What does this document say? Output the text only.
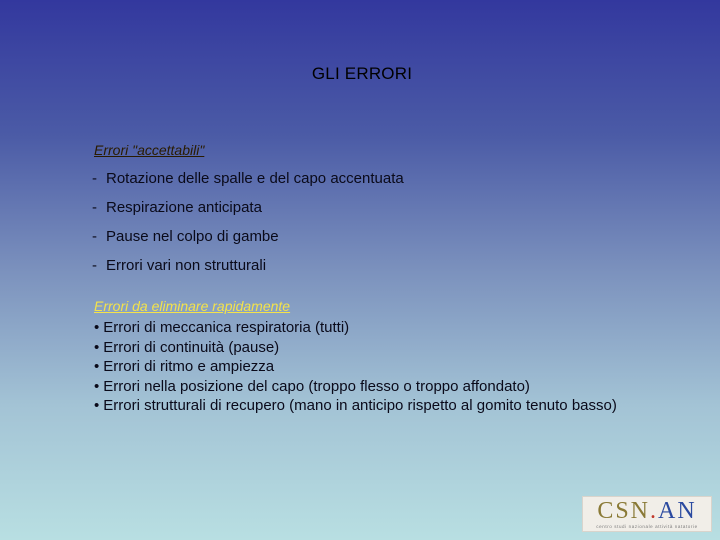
GLI ERRORI
Errori "accettabili"
- Rotazione delle spalle e del capo accentuata
- Respirazione anticipata
- Pause nel colpo di gambe
- Errori vari non strutturali
Errori da eliminare rapidamente
• Errori di meccanica respiratoria (tutti)
• Errori di continuità (pause)
• Errori di ritmo e ampiezza
• Errori nella posizione del capo (troppo flesso o troppo affondato)
• Errori strutturali di recupero (mano in anticipo rispetto al gomito tenuto basso)
CSN.AN
centro studi nazionale attività natatorie
